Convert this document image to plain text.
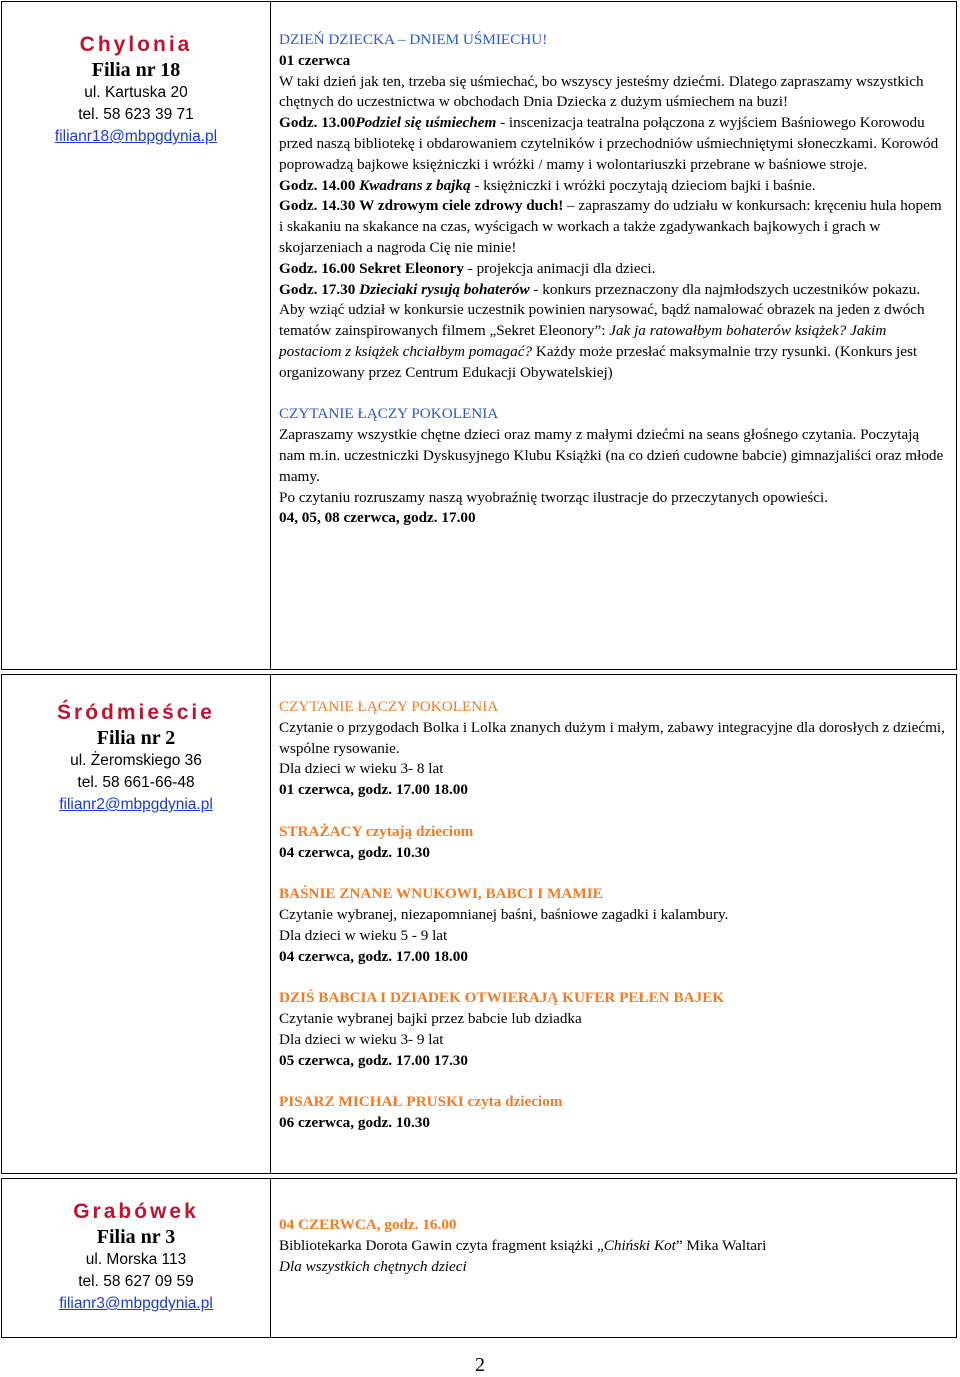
Chylonia
Filia nr 18
ul. Kartuska 20
tel. 58 623 39 71
filianr18@mbpgdynia.pl

DZIEŃ DZIECKA – DNIEM UŚMIECHU!

01 czerwca

W taki dzień jak ten, trzeba się uśmiechać, bo wszyscy jesteśmy dziećmi. Dlatego zapraszamy wszystkich chętnych do uczestnictwa w obchodach Dnia Dziecka z dużym uśmiechem na buzi!

Godz. 13.00Podziel się uśmiechem - inscenizacja teatralna połączona z wyjściem Baśniowego Korowodu przed naszą bibliotekę i obdarowaniem czytelników i przechodniów uśmiechniętymi słoneczkami. Korowód poprowadzą bajkowe księżniczki i wróżki / mamy i wolontariuszki przebrane w baśniowe stroje.

Godz. 14.00 Kwadrans z bajką - księżniczki i wróżki poczytają dzieciom bajki i baśnie.

Godz. 14.30 W zdrowym ciele zdrowy duch! – zapraszamy do udziału w konkursach: kręceniu hula hopem i skakaniu na skakance na czas, wyścigach w workach a także zgadywankach bajkowych i grach w skojarzeniach a nagroda Cię nie minie!

Godz. 16.00 Sekret Eleonory - projekcja animacji dla dzieci.

Godz. 17.30 Dzieciaki rysują bohaterów - konkurs przeznaczony dla najmłodszych uczestników pokazu. Aby wziąć udział w konkursie uczestnik powinien narysować, bądź namalować obrazek na jeden z dwóch tematów zainspirowanych filmem „Sekret Eleonory”: Jak ja ratowałbym bohaterów książek? Jakim postaciom z książek chciałbym pomagać? Każdy może przesłać maksymalnie trzy rysunki. (Konkurs jest organizowany przez Centrum Edukacji Obywatelskiej)

CZYTANIE ŁĄCZY POKOLENIA

Zapraszamy wszystkie chętne dzieci oraz mamy z małymi dziećmi na seans głośnego czytania. Poczytają nam m.in. uczestniczki Dyskusyjnego Klubu Książki (na co dzień cudowne babcie) gimnazjaliści oraz młode mamy.

Po czytaniu rozruszamy naszą wyobraźnię tworząc ilustracje do przeczytanych opowieści.

04, 05, 08 czerwca, godz. 17.00

Śródmieście
Filia nr 2
ul. Żeromskiego 36
tel. 58 661-66-48
filianr2@mbpgdynia.pl

CZYTANIE ŁĄCZY POKOLENIA

Czytanie o przygodach Bolka i Lolka znanych dużym i małym, zabawy integracyjne dla dorosłych z dziećmi, wspólne rysowanie.

Dla dzieci w wieku 3- 8 lat

01 czerwca, godz. 17.00 18.00

STRAŻACY czytają dzieciom

04 czerwca, godz. 10.30

BAŚNIE ZNANE WNUKOWI, BABCI I MAMIE

Czytanie wybranej, niezapomnianej baśni, baśniowe zagadki i kalambury.

Dla dzieci w wieku 5 - 9 lat

04 czerwca, godz. 17.00 18.00

DZIŚ BABCIA I DZIADEK OTWIERAJĄ KUFER PEŁEN BAJEK

Czytanie wybranej bajki przez babcie lub dziadka

Dla dzieci w wieku 3- 9 lat

05 czerwca, godz. 17.00 17.30

PISARZ MICHAŁ PRUSKI czyta dzieciom

06 czerwca, godz. 10.30

Grabówek
Filia nr 3
ul. Morska 113
tel. 58 627 09 59
filianr3@mbpgdynia.pl

04 CZERWCA, godz. 16.00

Bibliotekarka Dorota Gawin czyta fragment książki „Chiński Kot” Mika Waltari

Dla wszystkich chętnych dzieci

2
